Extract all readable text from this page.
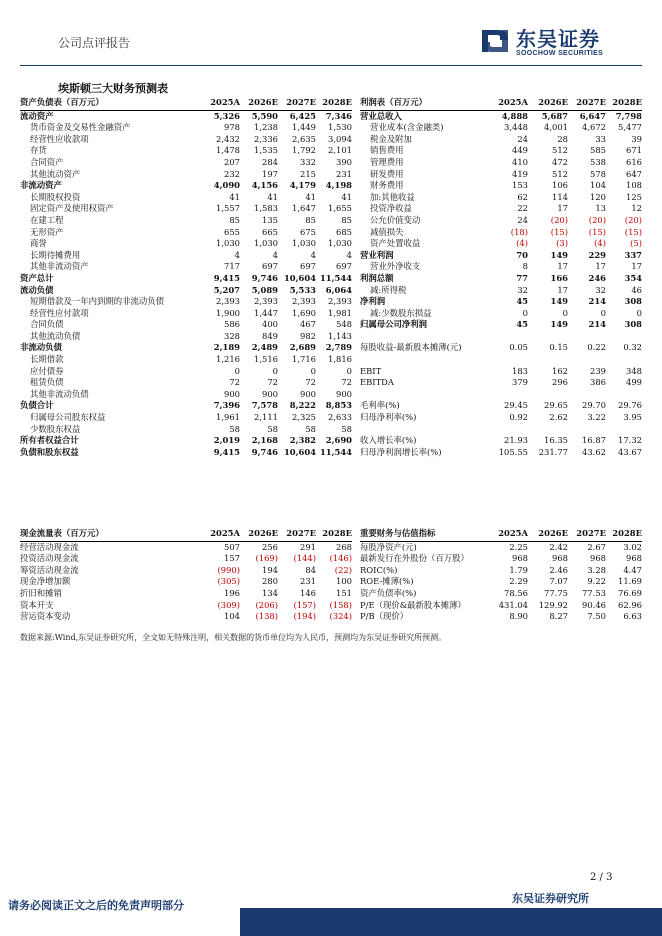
公司点评报告	东吴证券
SOOCHOW SECURITIES
埃斯顿三大财务预测表
资产负债表（百万元）	2025A	2026E	2027E	2028E
流动资产	5,326	5,590	6,425	7,346
货币资金及交易性金融资产	978	1,238	1,449	1,530
经营性应收款项	2,432	2,336	2,635	3,094
存货	1,478	1,535	1,792	2,101
合同资产	207	284	332	390
其他流动资产	232	197	215	231
非流动资产	4,090	4,156	4,179	4,198
长期股权投资	41	41	41	41
固定资产及使用权资产	1,557	1,583	1,647	1,655
在建工程	85	135	85	85
无形资产	655	665	675	685
商誉	1,030	1,030	1,030	1,030
长期待摊费用	4	4	4	4
其他非流动资产	717	697	697	697
资产总计	9,415	9,746	10,604	11,544
流动负债	5,207	5,089	5,533	6,064
短期借款及一年内到期的非流动负债	2,393	2,393	2,393	2,393
经营性应付款项	1,900	1,447	1,690	1,981
合同负债	586	400	467	548
其他流动负债	328	849	982	1,143
非流动负债	2,189	2,489	2,689	2,789
长期借款	1,216	1,516	1,716	1,816
应付债券	0	0	0	0
租赁负债	72	72	72	72
其他非流动负债	900	900	900	900
负债合计	7,396	7,578	8,222	8,853
归属母公司股东权益	1,961	2,111	2,325	2,633
少数股东权益	58	58	58	58
所有者权益合计	2,019	2,168	2,382	2,690
负债和股东权益	9,415	9,746	10,604	11,544
利润表（百万元）	2025A	2026E	2027E	2028E
营业总收入	4,888	5,687	6,647	7,798
营业成本(含金融类)	3,448	4,001	4,672	5,477
税金及附加	24	28	33	39
销售费用	449	512	585	671
管理费用	410	472	538	616
研发费用	419	512	578	647
财务费用	153	106	104	108
加:其他收益	62	114	120	125
投资净收益	22	17	13	12
公允价值变动	24	(20)	(20)	(20)
减值损失	(18)	(15)	(15)	(15)
资产处置收益	(4)	(3)	(4)	(5)
营业利润	70	149	229	337
营业外净收支	8	17	17	17
利润总额	77	166	246	354
减:所得税	32	17	32	46
净利润	45	149	214	308
减:少数股东损益	0	0	0	0
归属母公司净利润	45	149	214	308

每股收益-最新股本摊薄(元)	0.05	0.15	0.22	0.32

EBIT	183	162	239	348
EBITDA	379	296	386	499

毛利率(%)	29.45	29.65	29.70	29.76
归母净利率(%)	0.92	2.62	3.22	3.95

收入增长率(%)	21.93	16.35	16.87	17.32
归母净利润增长率(%)	105.55	231.77	43.62	43.67
现金流量表（百万元）	2025A	2026E	2027E	2028E
经营活动现金流	507	256	291	268
投资活动现金流	157	(169)	(144)	(146)
筹资活动现金流	(990)	194	84	(22)
现金净增加额	(305)	280	231	100
折旧和摊销	196	134	146	151
资本开支	(309)	(206)	(157)	(158)
营运资本变动	104	(138)	(194)	(324)
重要财务与估值指标	2025A	2026E	2027E	2028E
每股净资产(元)	2.25	2.42	2.67	3.02
最新发行在外股份（百万股）	968	968	968	968
ROIC(%)	1.79	2.46	3.28	4.47
ROE-摊薄(%)	2.29	7.07	9.22	11.69
资产负债率(%)	78.56	77.75	77.53	76.69
P/E（现价&最新股本摊薄）	431.04	129.92	90.46	62.96
P/B（现价）	8.90	8.27	7.50	6.63
数据来源:Wind,东吴证券研究所，全文如无特殊注明，相关数据的货币单位均为人民币，预测均为东吴证券研究所预测。
2 / 3
东吴证券研究所
请务必阅读正文之后的免责声明部分
